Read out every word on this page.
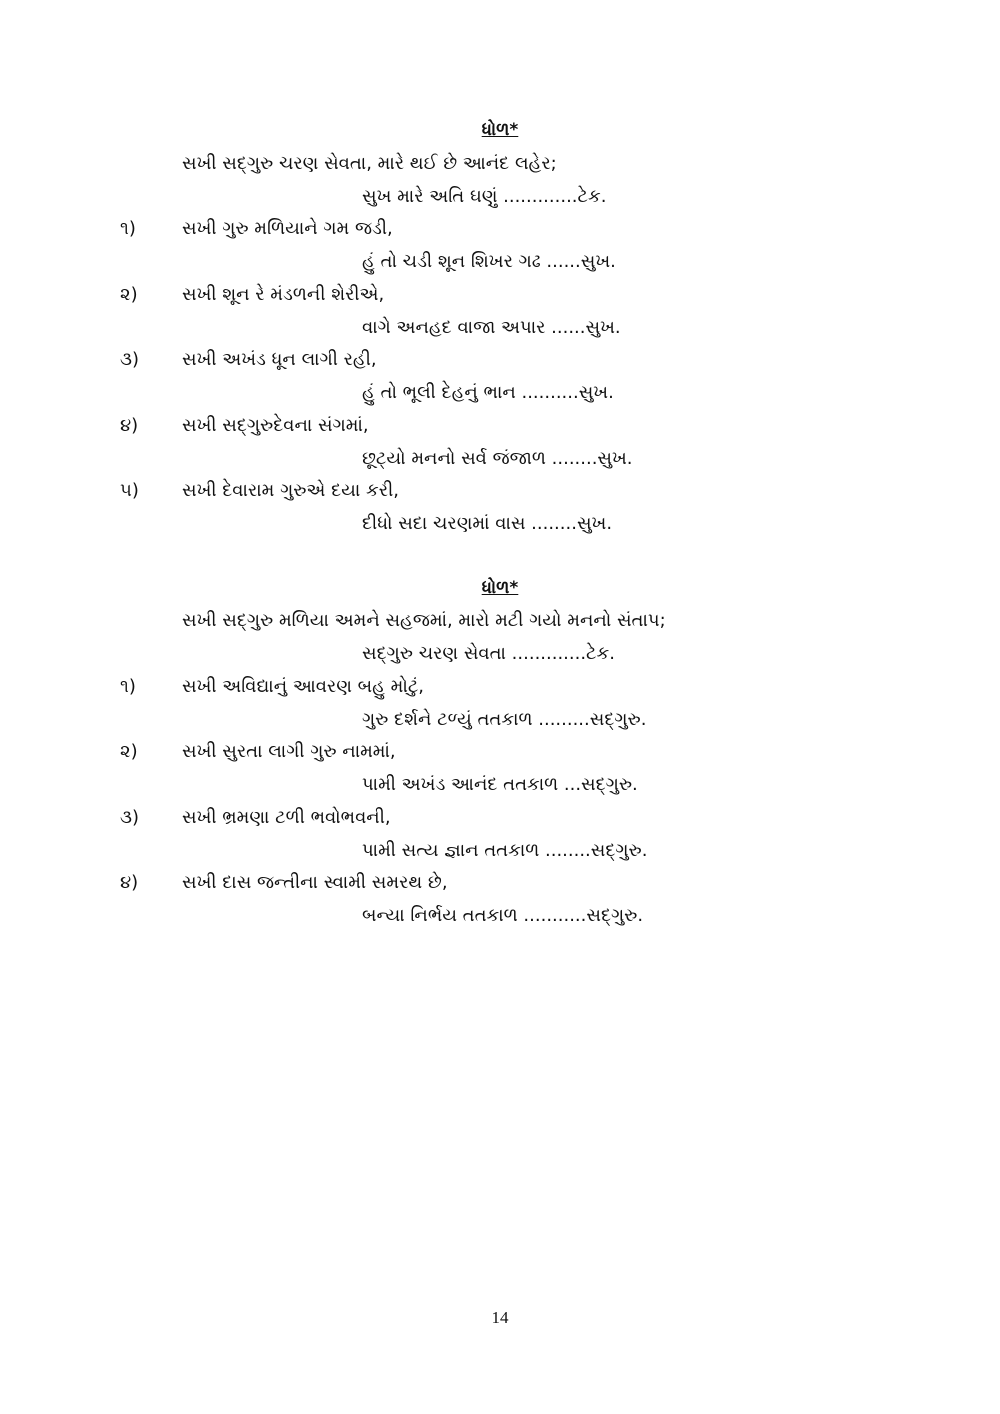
ધોળ*
સખી સદ્‌ગુરુ ચરણ સેવતા, મારે થઈ છે આનંદ લહેર;
સુખ મારે અતિ ઘણું .............ટેક.
૧)	સખી ગુરુ મળિયાને ગમ જડી,
હું તો ચડી શૂન શિખર ગઢ ......સુખ.
૨) સખી શૂન રે મંડળની શેરીએ,
વાગે અનહદ વાજા અપાર ......સુખ.
૩) સખી અખંડ ધૂન લાગી રહી,
હું તો ભૂલી દેહનું ભાન ..........સુખ.
૪) સખી સદ્‌ગુરુદેવના સંગમાં,
છૂટ્યો મનનો સર્વ જંજાળ ........સુખ.
૫) સખી દેવારામ ગુરુએ દયા કરી,
દીધો સદા ચરણમાં વાસ ........સુખ.
ધોળ*
સખી સદ્‌ગુરુ મળિયા અમને સહજમાં, મારો મટી ગયો મનનો સંતાપ;
સદ્‌ગુરુ ચરણ સેવતા .............ટેક.
૧)	સખી અવિદ્યાનું આવરણ બહુ મોટું,
ગુરુ દર્શને ટળ્યું તતકાળ .........સદ્‌ગુરુ.
૨) સખી સુરતા લાગી ગુરુ નામમાં,
પામી અખંડ આનંદ તતકાળ ...સદ્‌ગુરુ.
૩) સખી ભ્રમણા ટળી ભવોભવની,
પામી સત્ય જ્ઞાન તતકાળ ........સદ્‌ગુરુ.
૪) સખી દાસ જન્તીના સ્વામી સમરથ છે,
બન્યા નિર્ભય તતકાળ ...........સદ્‌ગુરુ.
14
